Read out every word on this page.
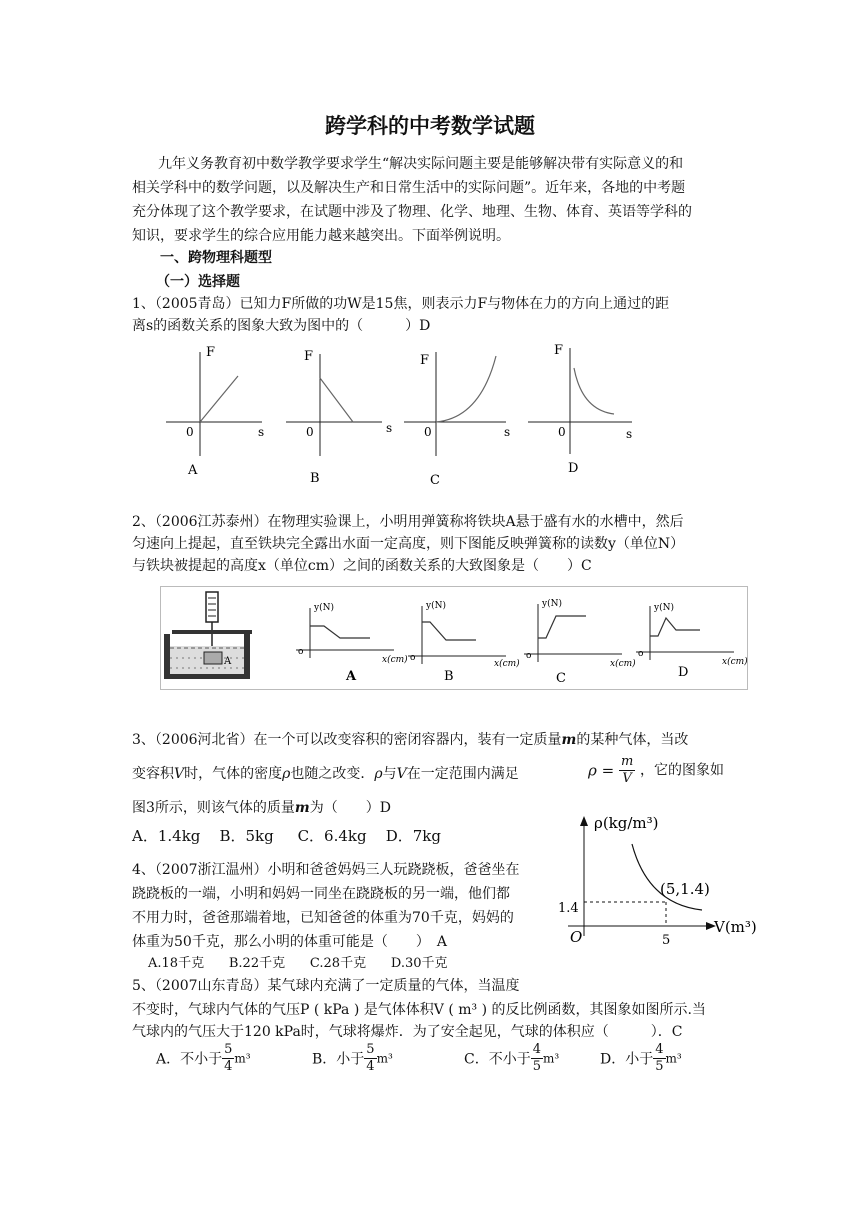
跨学科的中考数学试题
九年义务教育初中数学教学要求学生“解决实际问题主要是能够解决带有实际意义的和
相关学科中的数学问题，以及解决生产和日常生活中的实际问题”。近年来，各地的中考题
充分体现了这个教学要求，在试题中涉及了物理、化学、地理、生物、体育、英语等学科的
知识，要求学生的综合应用能力越来越突出。下面举例说明。
一、跨物理科题型
（一）选择题
1、（2005青岛）已知力F所做的功W是15焦，则表示力F与物体在力的方向上通过的距
离s的函数关系的图象大致为图中的（　　　）D
F
s
0
A
F
s
0
B
F
s
0
C
F
s
0
D
2、（2006江苏泰州）在物理实验课上，小明用弹簧称将铁块A悬于盛有水的水槽中，然后
匀速向上提起，直至铁块完全露出水面一定高度，则下图能反映弹簧称的读数y（单位N）
与铁块被提起的高度x（单位cm）之间的函数关系的大致图象是（　　）C
A
y(N)
x(cm)
o
A
y(N)
x(cm)
o
B
y(N)
x(cm)
o
C
y(N)
x(cm)
o
D
3、（2006河北省）在一个可以改变容积的密闭容器内，装有一定质量m的某种气体，当改
变容积V时，气体的密度ρ也随之改变．ρ与V在一定范围内满足	$\rho = \frac{m}{V}$ ，它的图象如
图3所示，则该气体的质量m为（　　）D
A．1.4kg B．5kg C．6.4kg D．7kg
ρ(kg/m³)
V(m³)
O
(5,1.4)
1.4
5
4、（2007浙江温州）小明和爸爸妈妈三人玩跷跷板，爸爸坐在
跷跷板的一端，小明和妈妈一同坐在跷跷板的另一端，他们都
不用力时，爸爸那端着地，已知爸爸的体重为70千克，妈妈的
体重为50千克，那么小明的体重可能是（　　）　A
A.18千克 B.22千克 C.28千克 D.30千克
5、（2007山东青岛）某气球内充满了一定质量的气体，当温度
不变时，气球内气体的气压P ( kPa ) 是气体体积V ( m³ ) 的反比例函数，其图象如图所示.当
气球内的气压大于120 kPa时，气球将爆炸．为了安全起见，气球的体积应（　　　）．C
A．不小于 $\frac{5}{4} m^3$	B．小于 $\frac{5}{4} m^3$	C．不小于 $\frac{4}{5} m^3$	D．小于 $\frac{4}{5} m^3$
